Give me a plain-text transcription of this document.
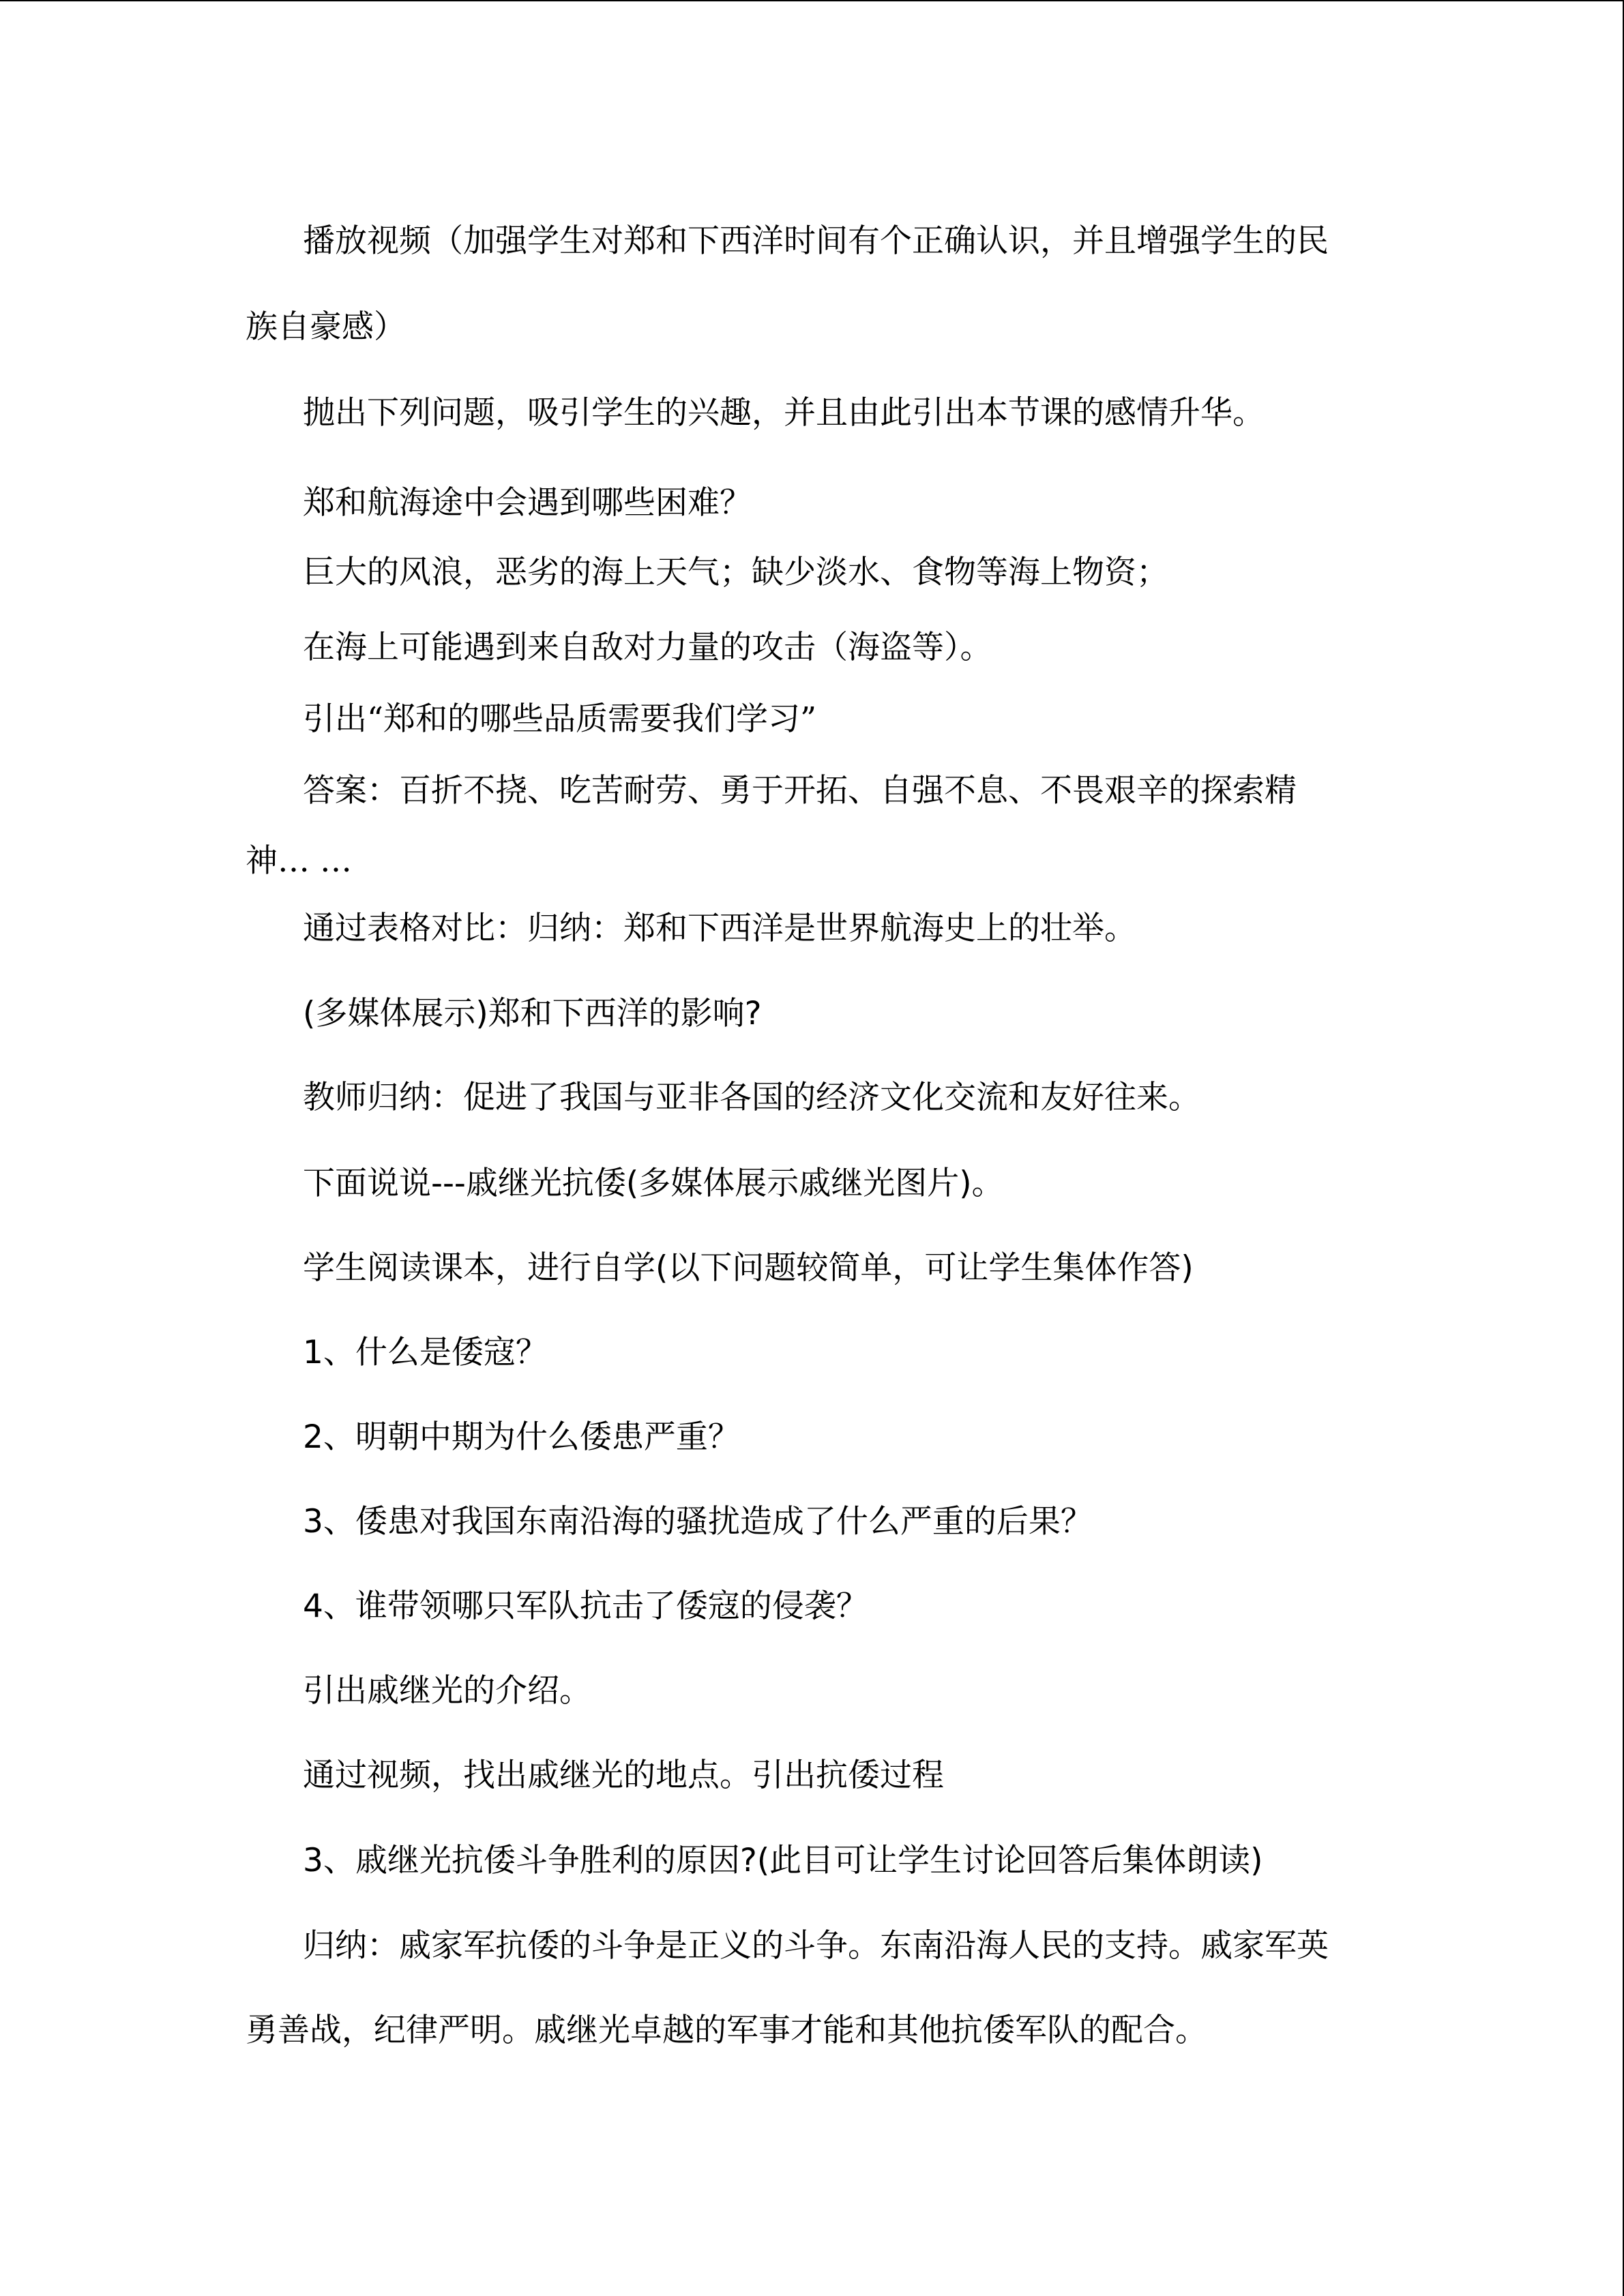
播放视频（加强学生对郑和下西洋时间有个正确认识，并且增强学生的民

族自豪感）

抛出下列问题，吸引学生的兴趣，并且由此引出本节课的感情升华。

郑和航海途中会遇到哪些困难？

巨大的风浪，恶劣的海上天气；缺少淡水、食物等海上物资；

在海上可能遇到来自敌对力量的攻击（海盗等）。

引出“郑和的哪些品质需要我们学习”

答案：百折不挠、吃苦耐劳、勇于开拓、自强不息、不畏艰辛的探索精

神… …

通过表格对比：归纳：郑和下西洋是世界航海史上的壮举。

(多媒体展示)郑和下西洋的影响?

教师归纳：促进了我国与亚非各国的经济文化交流和友好往来。

下面说说---戚继光抗倭(多媒体展示戚继光图片)。

学生阅读课本，进行自学(以下问题较简单，可让学生集体作答)

1、什么是倭寇？

2、明朝中期为什么倭患严重？

3、倭患对我国东南沿海的骚扰造成了什么严重的后果？

4、谁带领哪只军队抗击了倭寇的侵袭？

引出戚继光的介绍。

通过视频，找出戚继光的地点。引出抗倭过程

3、戚继光抗倭斗争胜利的原因?(此目可让学生讨论回答后集体朗读)

归纳：戚家军抗倭的斗争是正义的斗争。东南沿海人民的支持。戚家军英

勇善战，纪律严明。戚继光卓越的军事才能和其他抗倭军队的配合。
